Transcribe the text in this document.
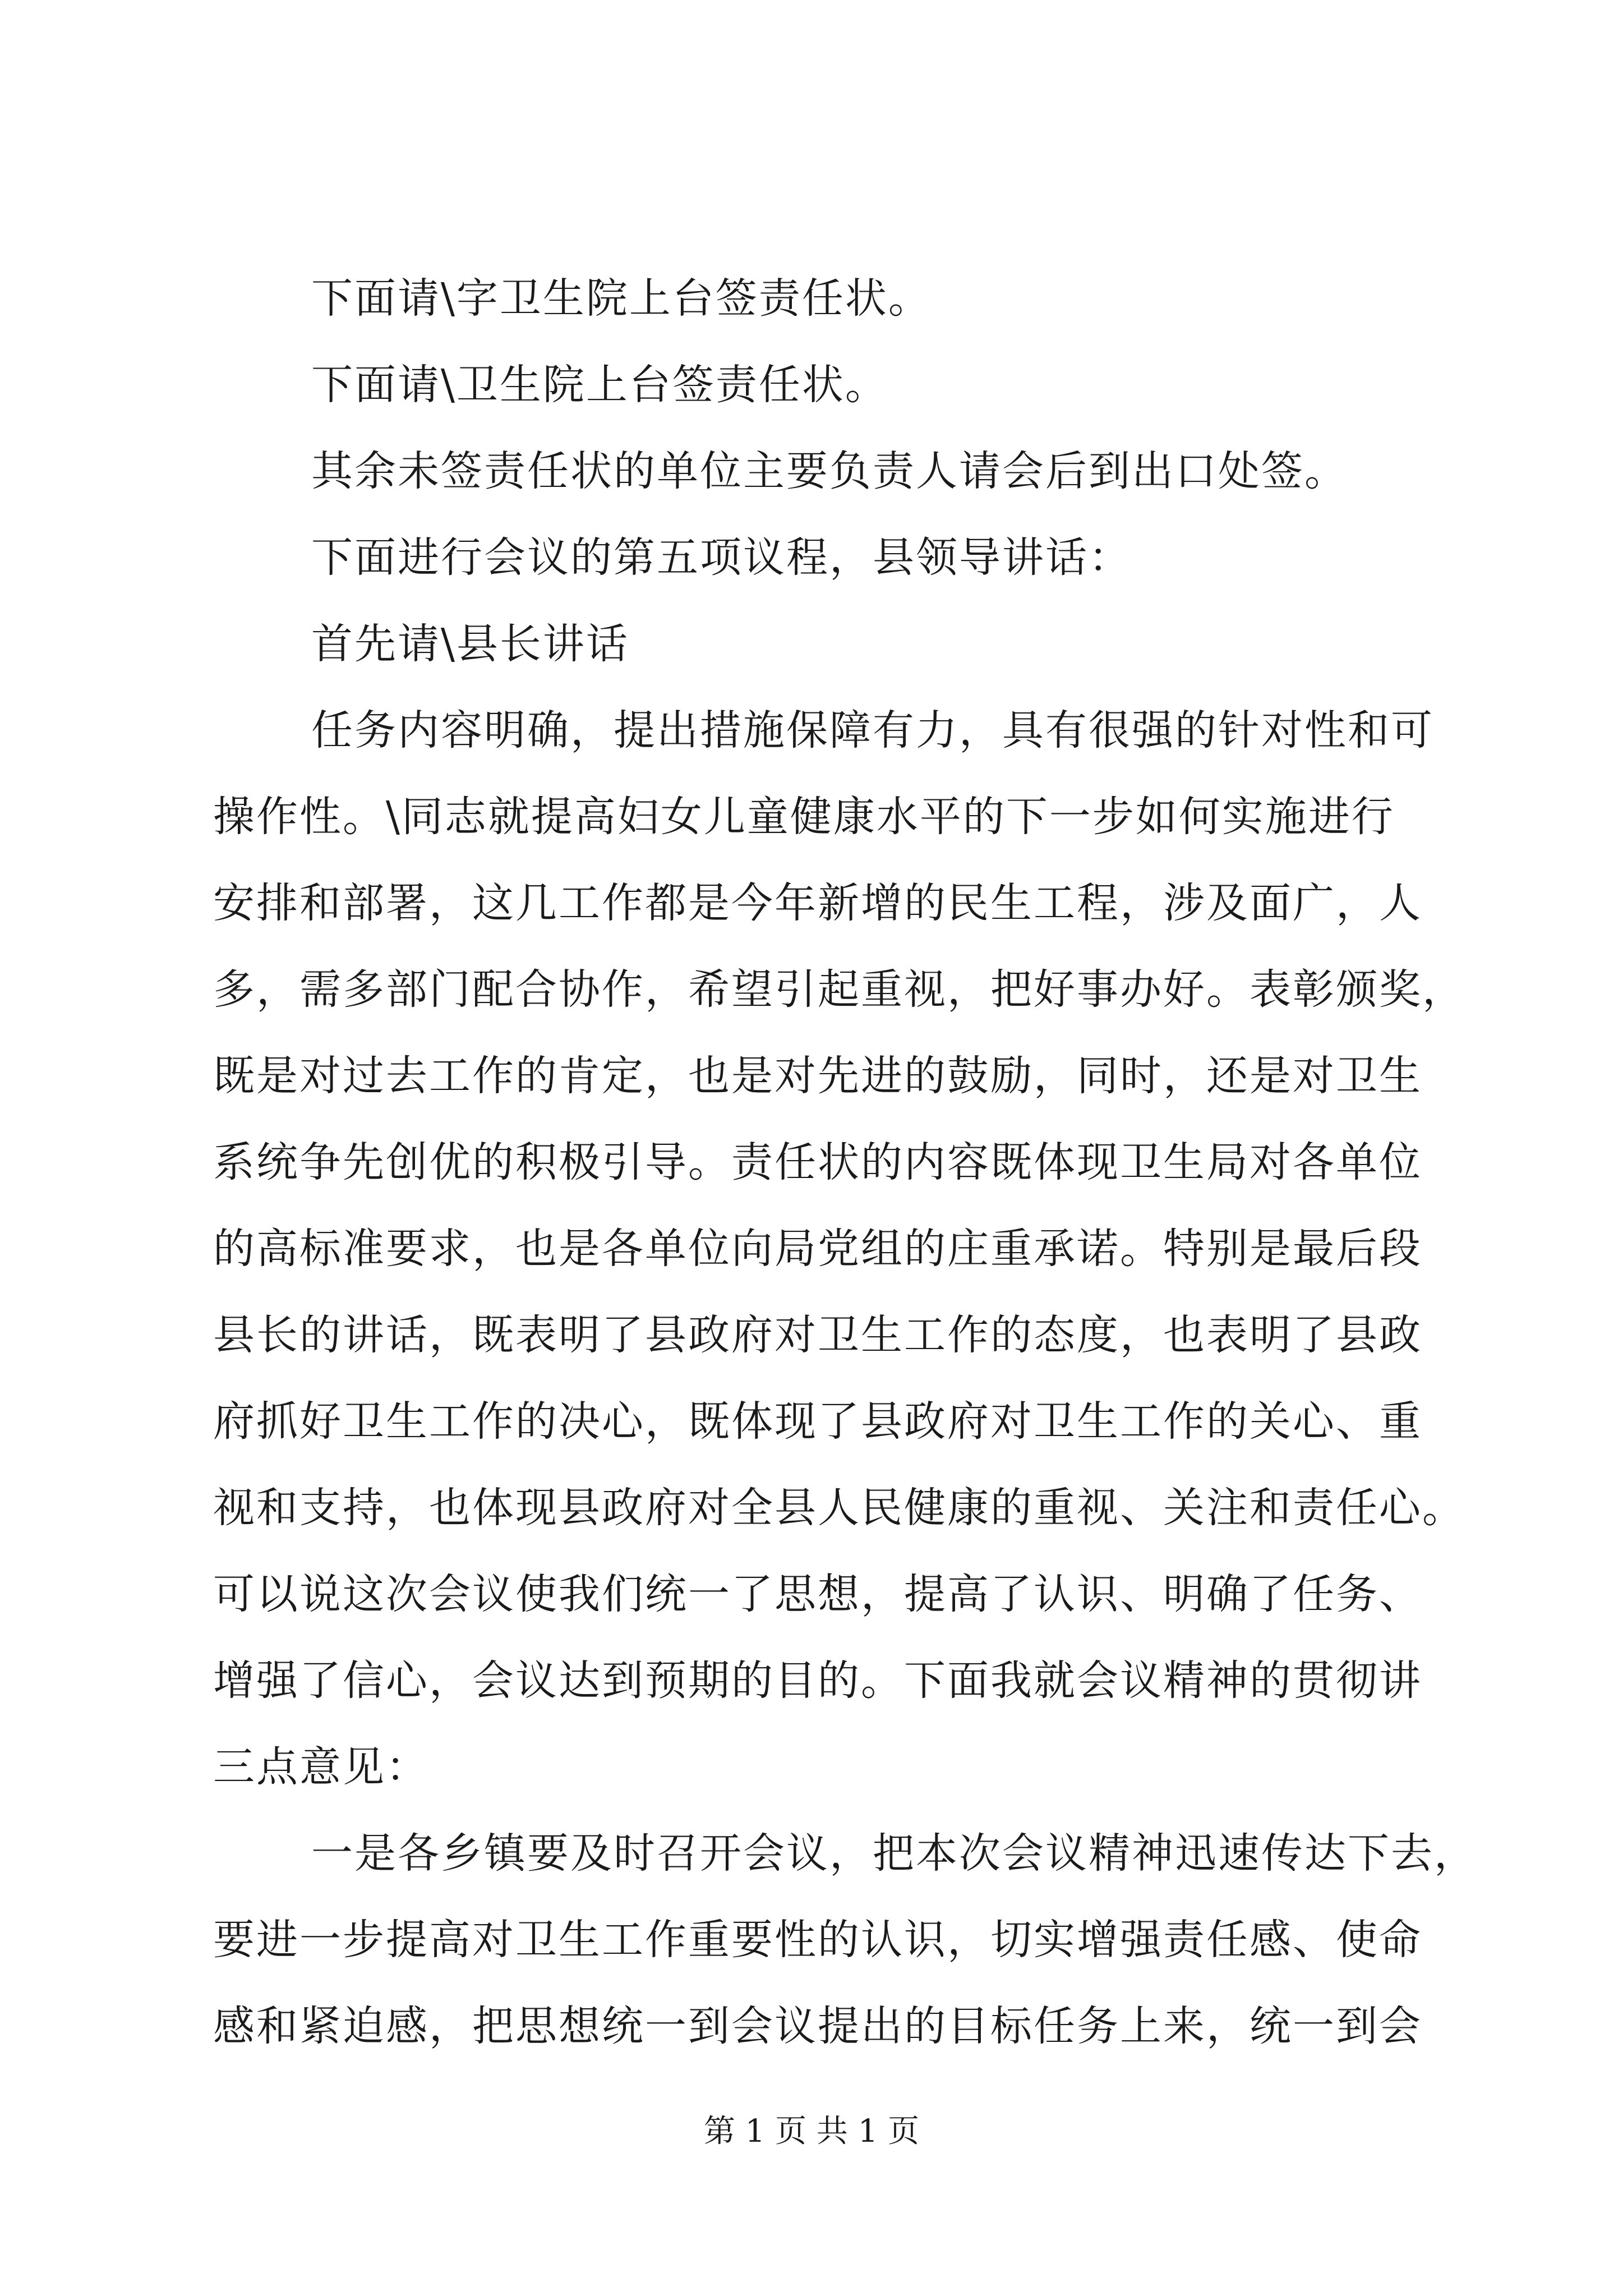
下面请\字卫生院上台签责任状。
下面请\卫生院上台签责任状。
其余未签责任状的单位主要负责人请会后到出口处签。
下面进行会议的第五项议程，县领导讲话：
首先请\县长讲话
任务内容明确，提出措施保障有力，具有很强的针对性和可
操作性。\同志就提高妇女儿童健康水平的下一步如何实施进行
安排和部署，这几工作都是今年新增的民生工程，涉及面广，人
多，需多部门配合协作，希望引起重视，把好事办好。表彰颁奖，
既是对过去工作的肯定，也是对先进的鼓励，同时，还是对卫生
系统争先创优的积极引导。责任状的内容既体现卫生局对各单位
的高标准要求，也是各单位向局党组的庄重承诺。特别是最后段
县长的讲话，既表明了县政府对卫生工作的态度，也表明了县政
府抓好卫生工作的决心，既体现了县政府对卫生工作的关心、重
视和支持，也体现县政府对全县人民健康的重视、关注和责任心。
可以说这次会议使我们统一了思想，提高了认识、明确了任务、
增强了信心，会议达到预期的目的。下面我就会议精神的贯彻讲
三点意见：
一是各乡镇要及时召开会议，把本次会议精神迅速传达下去，
要进一步提高对卫生工作重要性的认识，切实增强责任感、使命
感和紧迫感，把思想统一到会议提出的目标任务上来，统一到会
第 1 页 共 1 页
